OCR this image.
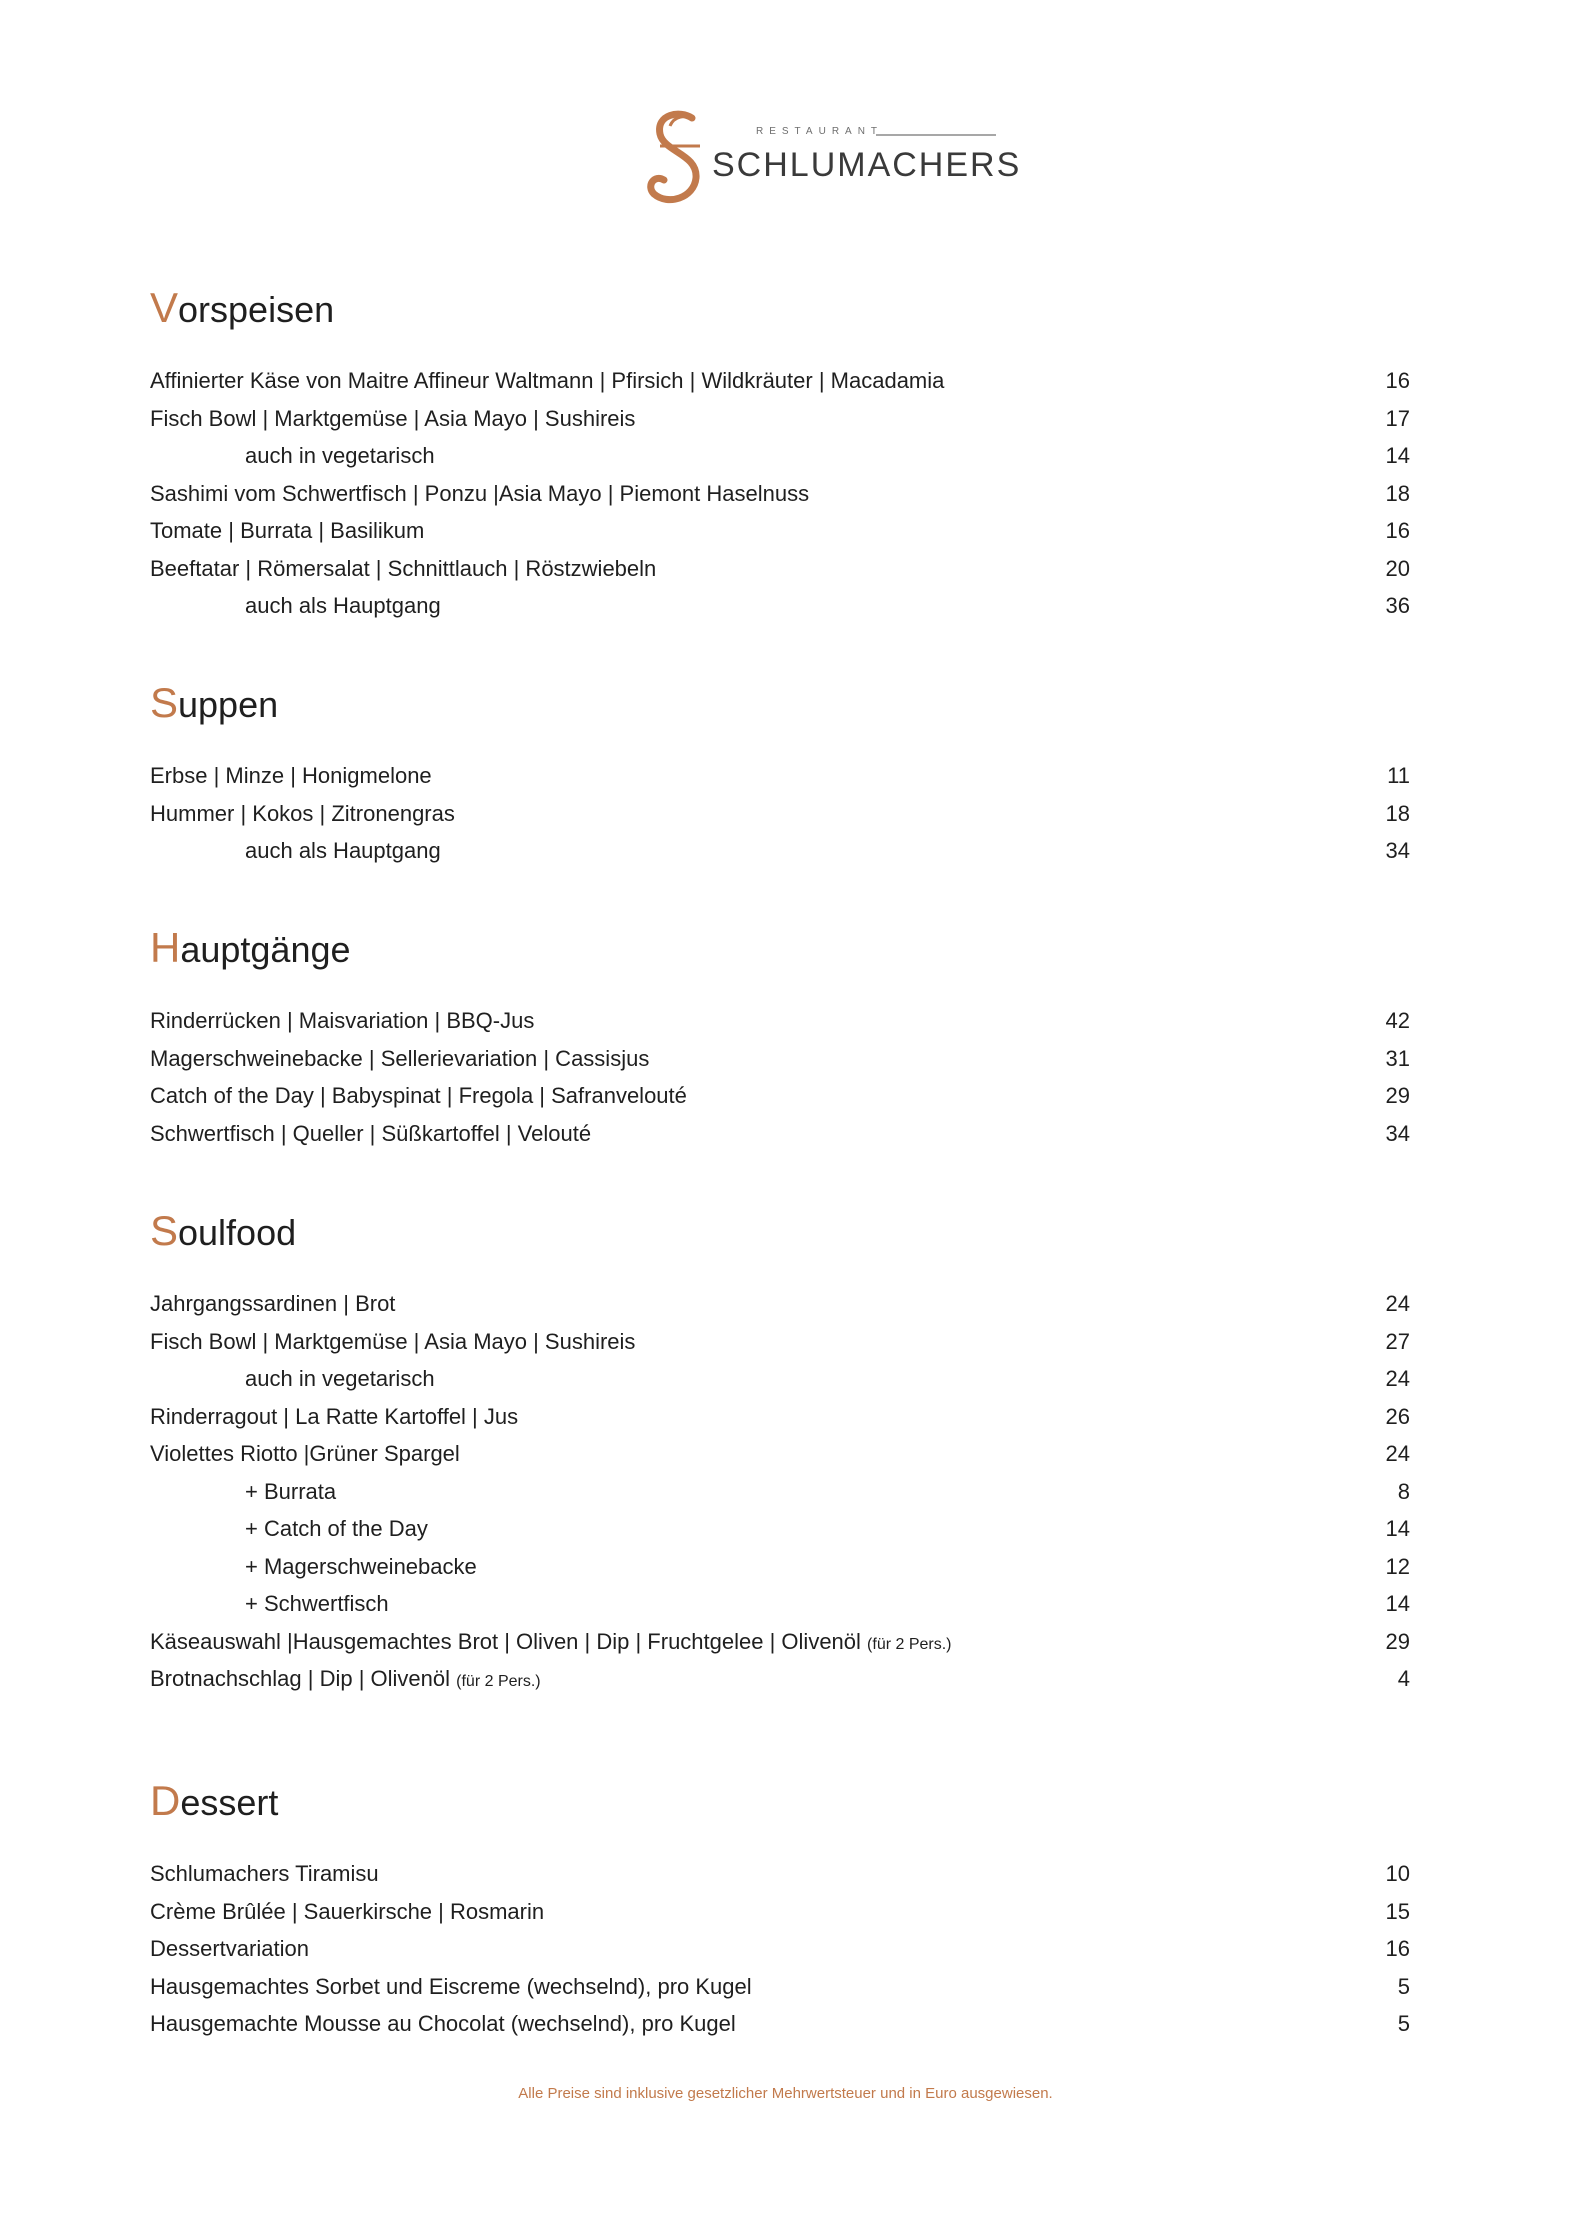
RESTAURANT
SCHLUMACHERS
Vorspeisen
Affinierter Käse von Maitre Affineur Waltmann | Pfirsich | Wildkräuter | Macadamia	16
Fisch Bowl | Marktgemüse | Asia Mayo | Sushireis	17
auch in vegetarisch	14
Sashimi vom Schwertfisch | Ponzu |Asia Mayo | Piemont Haselnuss	18
Tomate | Burrata | Basilikum	16
Beeftatar | Römersalat | Schnittlauch | Röstzwiebeln	20
auch als Hauptgang	36
Suppen
Erbse | Minze | Honigmelone	11
Hummer | Kokos | Zitronengras	18
auch als Hauptgang	34
Hauptgänge
Rinderrücken | Maisvariation | BBQ-Jus	42
Magerschweinebacke | Sellerievariation | Cassisjus	31
Catch of the Day | Babyspinat | Fregola | Safranvelouté	29
Schwertfisch | Queller | Süßkartoffel | Velouté	34
Soulfood
Jahrgangssardinen | Brot	24
Fisch Bowl | Marktgemüse | Asia Mayo | Sushireis	27
auch in vegetarisch	24
Rinderragout | La Ratte Kartoffel | Jus	26
Violettes Riotto |Grüner Spargel	24
+ Burrata	8
+ Catch of the Day	14
+ Magerschweinebacke	12
+ Schwertfisch	14
Käseauswahl |Hausgemachtes Brot | Oliven | Dip | Fruchtgelee | Olivenöl (für 2 Pers.)	29
Brotnachschlag | Dip | Olivenöl (für 2 Pers.)	4
Dessert
Schlumachers Tiramisu	10
Crème Brûlée | Sauerkirsche | Rosmarin	15
Dessertvariation	16
Hausgemachtes Sorbet und Eiscreme (wechselnd), pro Kugel	5
Hausgemachte Mousse au Chocolat (wechselnd), pro Kugel	5
Alle Preise sind inklusive gesetzlicher Mehrwertsteuer und in Euro ausgewiesen.
